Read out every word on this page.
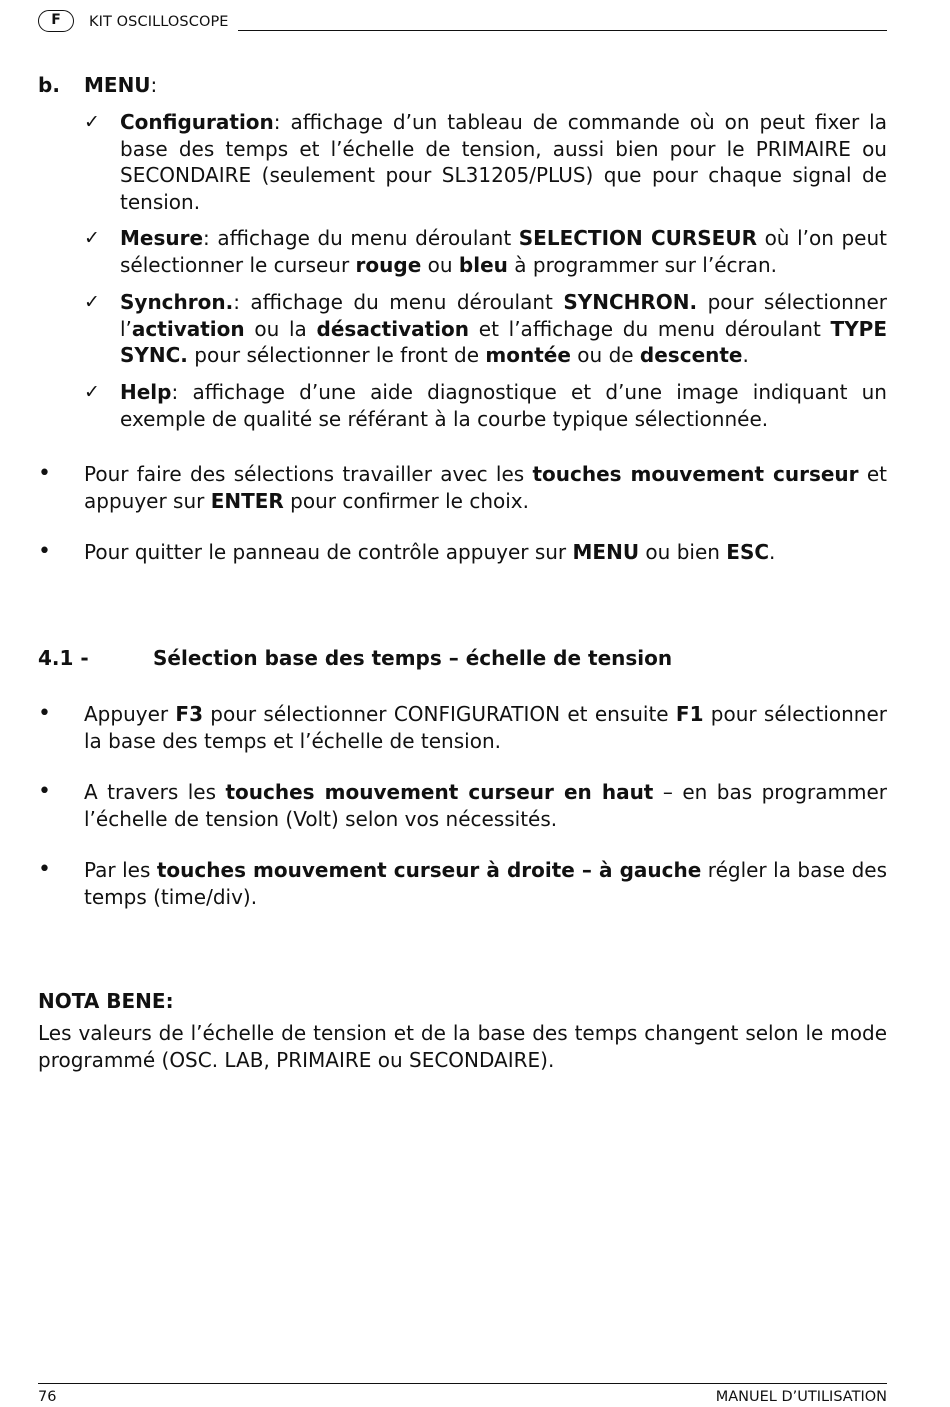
F	KIT OSCILLOSCOPE
b. MENU:
✓ Configuration: affichage d’un tableau de commande où on peut fixer la base des temps et l’échelle de tension, aussi bien pour le PRIMAIRE ou SECONDAIRE (seulement pour SL31205/PLUS) que pour chaque signal de tension.
✓ Mesure: affichage du menu déroulant SELECTION CURSEUR où l’on peut sélectionner le curseur rouge ou bleu à programmer sur l’écran.
✓ Synchron.: affichage du menu déroulant SYNCHRON. pour sélectionner l’activation ou la désactivation et l’affichage du menu déroulant TYPE SYNC. pour sélectionner le front de montée ou de descente.
✓ Help: affichage d’une aide diagnostique et d’une image indiquant un exemple de qualité se référant à la courbe typique sélectionnée.
• Pour faire des sélections travailler avec les touches mouvement curseur et appuyer sur ENTER pour confirmer le choix.
• Pour quitter le panneau de contrôle appuyer sur MENU ou bien ESC.
4.1 -	Sélection base des temps – échelle de tension
• Appuyer F3 pour sélectionner CONFIGURATION et ensuite F1 pour sélectionner la base des temps et l’échelle de tension.
• A travers les touches mouvement curseur en haut – en bas programmer l’échelle de tension (Volt) selon vos nécessités.
• Par les touches mouvement curseur à droite – à gauche régler la base des temps (time/div).
NOTA BENE:
Les valeurs de l’échelle de tension et de la base des temps changent selon le mode programmé (OSC. LAB, PRIMAIRE ou SECONDAIRE).
76	MANUEL D’UTILISATION
